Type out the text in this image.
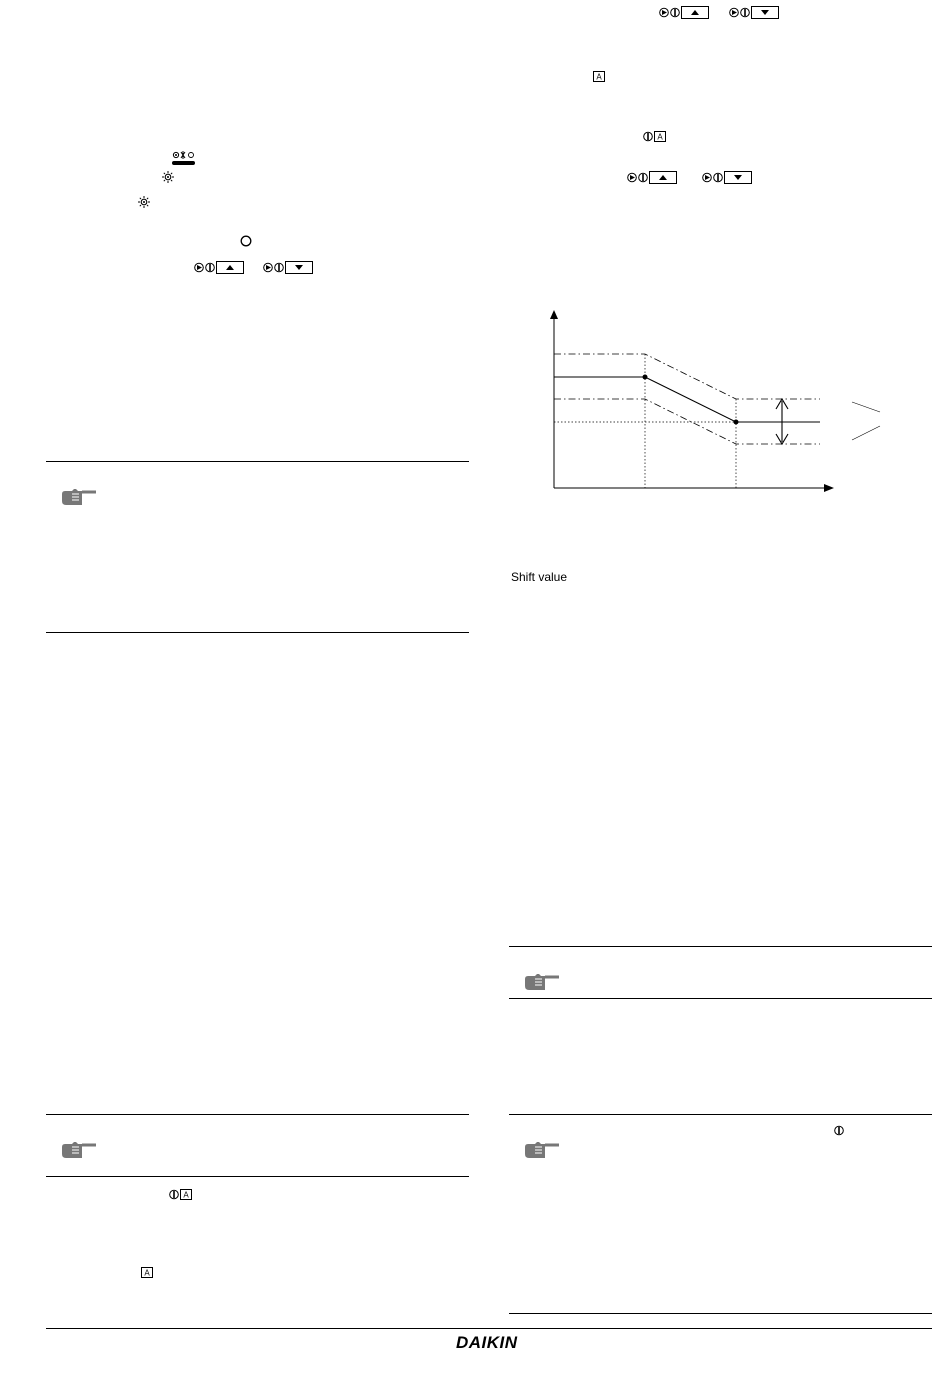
A
A
A
A
Shift value
DAIKIN
